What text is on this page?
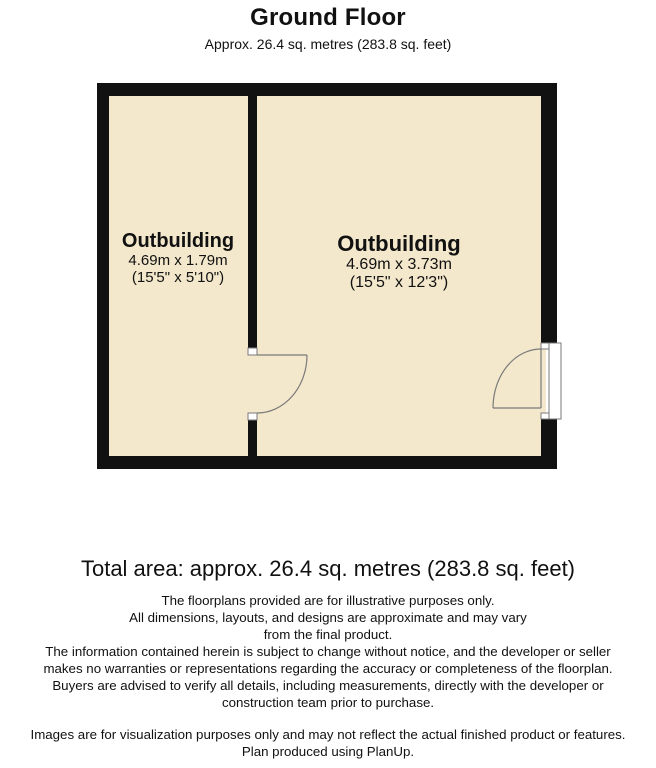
Ground Floor
Approx. 26.4 sq. metres (283.8 sq. feet)
Outbuilding
4.69m x 1.79m
(15'5" x 5'10")
Outbuilding
4.69m x 3.73m
(15'5" x 12'3")
Total area: approx. 26.4 sq. metres (283.8 sq. feet)
The floorplans provided are for illustrative purposes only.
All dimensions, layouts, and designs are approximate and may vary
from the final product.
The information contained herein is subject to change without notice, and the developer or seller
makes no warranties or representations regarding the accuracy or completeness of the floorplan.
Buyers are advised to verify all details, including measurements, directly with the developer or
construction team prior to purchase.
Images are for visualization purposes only and may not reflect the actual finished product or features.
Plan produced using PlanUp.
